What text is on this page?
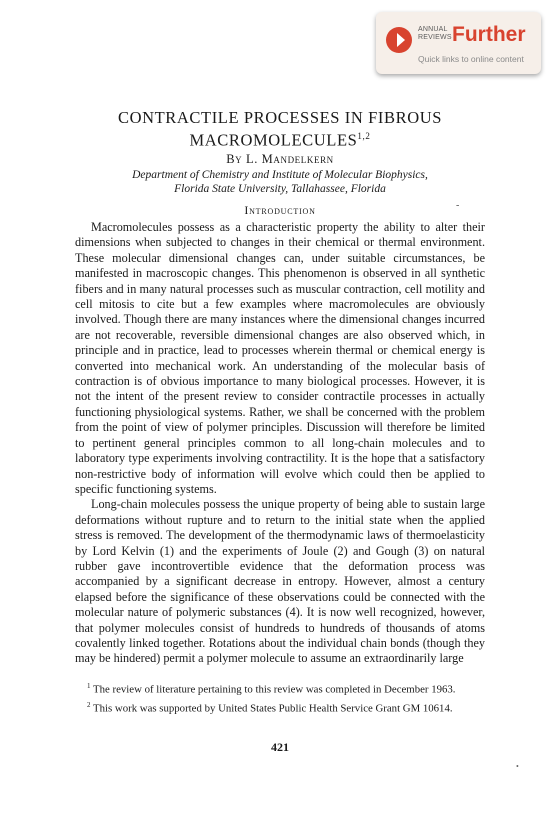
ANNUAL REVIEWS Further
Quick links to online content
CONTRACTILE PROCESSES IN FIBROUS
MACROMOLECULES$^{1,2}$
By L. Mandelkern
Department of Chemistry and Institute of Molecular Biophysics,
Florida State University, Tallahassee, Florida
Introduction	-

Macromolecules possess as a characteristic property the ability to alter their dimensions when subjected to changes in their chemical or thermal environment. These molecular dimensional changes can, under suitable circumstances, be manifested in macroscopic changes. This phenomenon is observed in all synthetic fibers and in many natural processes such as muscular contraction, cell motility and cell mitosis to cite but a few examples where macromolecules are obviously involved. Though there are many instances where the dimensional changes incurred are not recoverable, reversible dimensional changes are also observed which, in principle and in practice, lead to processes wherein thermal or chemical energy is converted into mechanical work. An understanding of the molecular basis of contraction is of obvious importance to many biological processes. However, it is not the intent of the present review to consider contractile processes in actually functioning physiological systems. Rather, we shall be concerned with the problem from the point of view of polymer principles. Discussion will therefore be limited to pertinent general principles common to all long-chain molecules and to laboratory type experiments involving contractility. It is the hope that a satisfactory non-restrictive body of information will evolve which could then be applied to specific functioning systems.

Long-chain molecules possess the unique property of being able to sustain large deformations without rupture and to return to the initial state when the applied stress is removed. The development of the thermodynamic laws of thermoelasticity by Lord Kelvin (1) and the experiments of Joule (2) and Gough (3) on natural rubber gave incontrovertible evidence that the deformation process was accompanied by a significant decrease in entropy. However, almost a century elapsed before the significance of these observations could be connected with the molecular nature of polymeric substances (4). It is now well recognized, however, that polymer molecules consist of hundreds to hundreds of thousands of atoms covalently linked together. Rotations about the individual chain bonds (though they may be hindered) permit a polymer molecule to assume an extraordinarily large

$^1$ The review of literature pertaining to this review was completed in December 1963.

$^2$ This work was supported by United States Public Health Service Grant GM 10614.

421
•
